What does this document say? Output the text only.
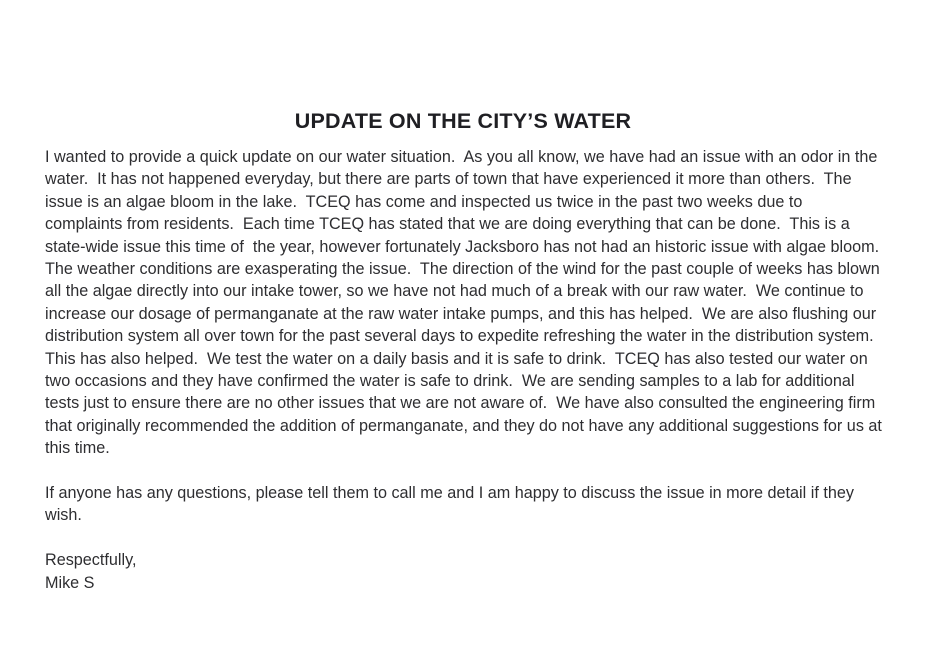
UPDATE ON THE CITY’S WATER

I wanted to provide a quick update on our water situation.  As you all know, we have had an issue with an odor in the water.  It has not happened everyday, but there are parts of town that have experienced it more than others.  The issue is an algae bloom in the lake.  TCEQ has come and inspected us twice in the past two weeks due to complaints from residents.  Each time TCEQ has stated that we are doing everything that can be done.  This is a state-wide issue this time of  the year, however fortunately Jacksboro has not had an historic issue with algae bloom.  The weather conditions are exasperating the issue.  The direction of the wind for the past couple of weeks has blown all the algae directly into our intake tower, so we have not had much of a break with our raw water.  We continue to increase our dosage of permanganate at the raw water intake pumps, and this has helped.  We are also flushing our distribution system all over town for the past several days to expedite refreshing the water in the distribution system.  This has also helped.  We test the water on a daily basis and it is safe to drink.  TCEQ has also tested our water on two occasions and they have confirmed the water is safe to drink.  We are sending samples to a lab for additional tests just to ensure there are no other issues that we are not aware of.  We have also consulted the engineering firm that originally recommended the addition of permanganate, and they do not have any additional suggestions for us at this time.

If anyone has any questions, please tell them to call me and I am happy to discuss the issue in more detail if they wish.

Respectfully,

Mike S
